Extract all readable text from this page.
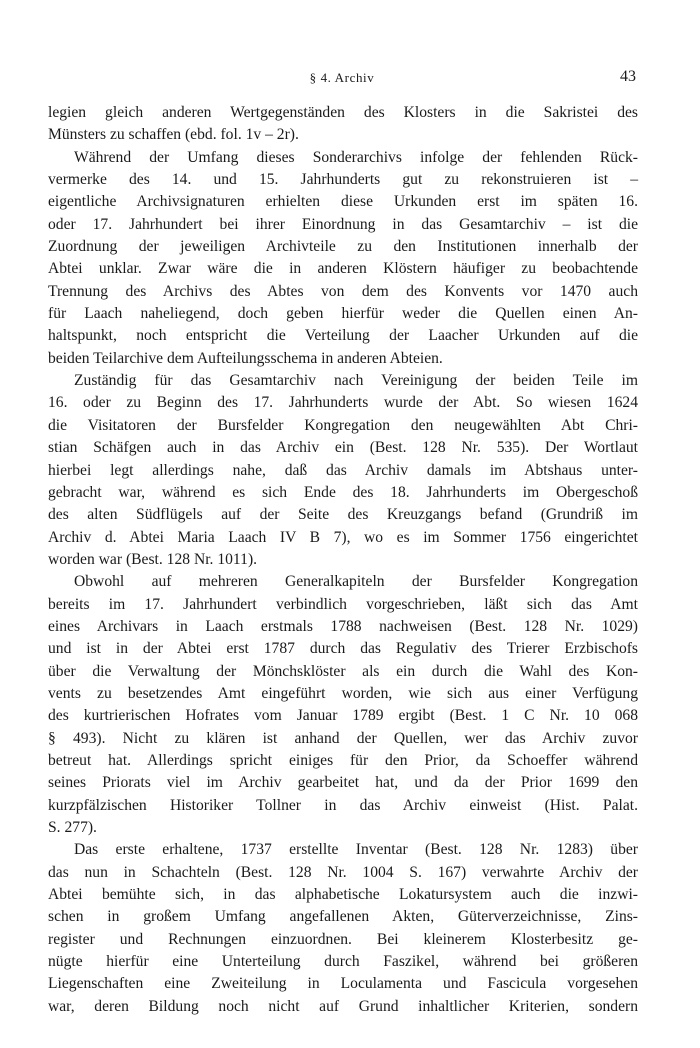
§ 4. Archiv	43
legien gleich anderen Wertgegenständen des Klosters in die Sakristei des
Münsters zu schaffen (ebd. fol. 1v – 2r).
Während der Umfang dieses Sonderarchivs infolge der fehlenden Rück-
vermerke des 14. und 15. Jahrhunderts gut zu rekonstruieren ist –
eigentliche Archivsignaturen erhielten diese Urkunden erst im späten 16.
oder 17. Jahrhundert bei ihrer Einordnung in das Gesamtarchiv – ist die
Zuordnung der jeweiligen Archivteile zu den Institutionen innerhalb der
Abtei unklar. Zwar wäre die in anderen Klöstern häufiger zu beobachtende
Trennung des Archivs des Abtes von dem des Konvents vor 1470 auch
für Laach naheliegend, doch geben hierfür weder die Quellen einen An-
haltspunkt, noch entspricht die Verteilung der Laacher Urkunden auf die
beiden Teilarchive dem Aufteilungsschema in anderen Abteien.
Zuständig für das Gesamtarchiv nach Vereinigung der beiden Teile im
16. oder zu Beginn des 17. Jahrhunderts wurde der Abt. So wiesen 1624
die Visitatoren der Bursfelder Kongregation den neugewählten Abt Chri-
stian Schäfgen auch in das Archiv ein (Best. 128 Nr. 535). Der Wortlaut
hierbei legt allerdings nahe, daß das Archiv damals im Abtshaus unter-
gebracht war, während es sich Ende des 18. Jahrhunderts im Obergeschoß
des alten Südflügels auf der Seite des Kreuzgangs befand (Grundriß im
Archiv d. Abtei Maria Laach IV B 7), wo es im Sommer 1756 eingerichtet
worden war (Best. 128 Nr. 1011).
Obwohl auf mehreren Generalkapiteln der Bursfelder Kongregation
bereits im 17. Jahrhundert verbindlich vorgeschrieben, läßt sich das Amt
eines Archivars in Laach erstmals 1788 nachweisen (Best. 128 Nr. 1029)
und ist in der Abtei erst 1787 durch das Regulativ des Trierer Erzbischofs
über die Verwaltung der Mönchsklöster als ein durch die Wahl des Kon-
vents zu besetzendes Amt eingeführt worden, wie sich aus einer Verfügung
des kurtrierischen Hofrates vom Januar 1789 ergibt (Best. 1 C Nr. 10 068
§ 493). Nicht zu klären ist anhand der Quellen, wer das Archiv zuvor
betreut hat. Allerdings spricht einiges für den Prior, da Schoeffer während
seines Priorats viel im Archiv gearbeitet hat, und da der Prior 1699 den
kurzpfälzischen Historiker Tollner in das Archiv einweist (Hist. Palat.
S. 277).
Das erste erhaltene, 1737 erstellte Inventar (Best. 128 Nr. 1283) über
das nun in Schachteln (Best. 128 Nr. 1004 S. 167) verwahrte Archiv der
Abtei bemühte sich, in das alphabetische Lokatursystem auch die inzwi-
schen in großem Umfang angefallenen Akten, Güterverzeichnisse, Zins-
register und Rechnungen einzuordnen. Bei kleinerem Klosterbesitz ge-
nügte hierfür eine Unterteilung durch Faszikel, während bei größeren
Liegenschaften eine Zweiteilung in Loculamenta und Fascicula vorgesehen
war, deren Bildung noch nicht auf Grund inhaltlicher Kriterien, sondern
